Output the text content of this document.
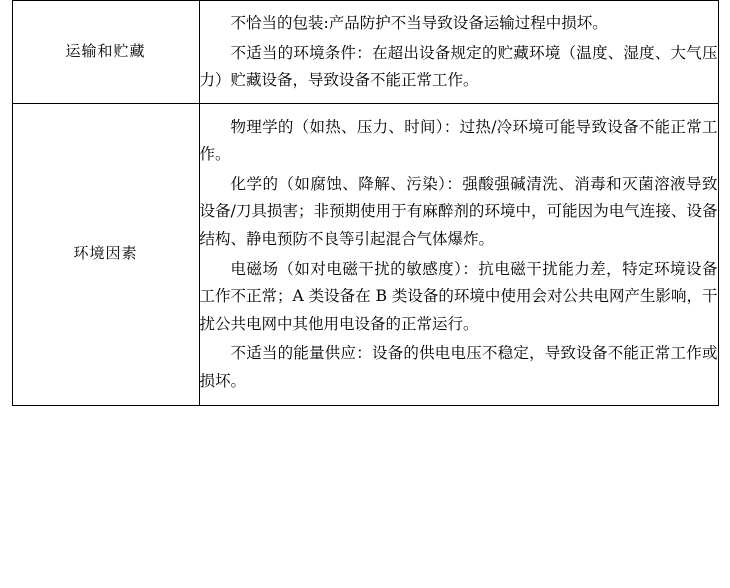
运输和贮藏	不恰当的包装:产品防护不当导致设备运输过程中损坏。

不适当的环境条件：在超出设备规定的贮藏环境（温度、湿度、大气压力）贮藏设备，导致设备不能正常工作。

环境因素	物理学的（如热、压力、时间）：过热/冷环境可能导致设备不能正常工作。

化学的（如腐蚀、降解、污染）：强酸强碱清洗、消毒和灭菌溶液导致设备/刀具损害；非预期使用于有麻醉剂的环境中，可能因为电气连接、设备结构、静电预防不良等引起混合气体爆炸。

电磁场（如对电磁干扰的敏感度）：抗电磁干扰能力差，特定环境设备工作不正常；A 类设备在 B 类设备的环境中使用会对公共电网产生影响，干扰公共电网中其他用电设备的正常运行。

不适当的能量供应：设备的供电电压不稳定，导致设备不能正常工作或损坏。
